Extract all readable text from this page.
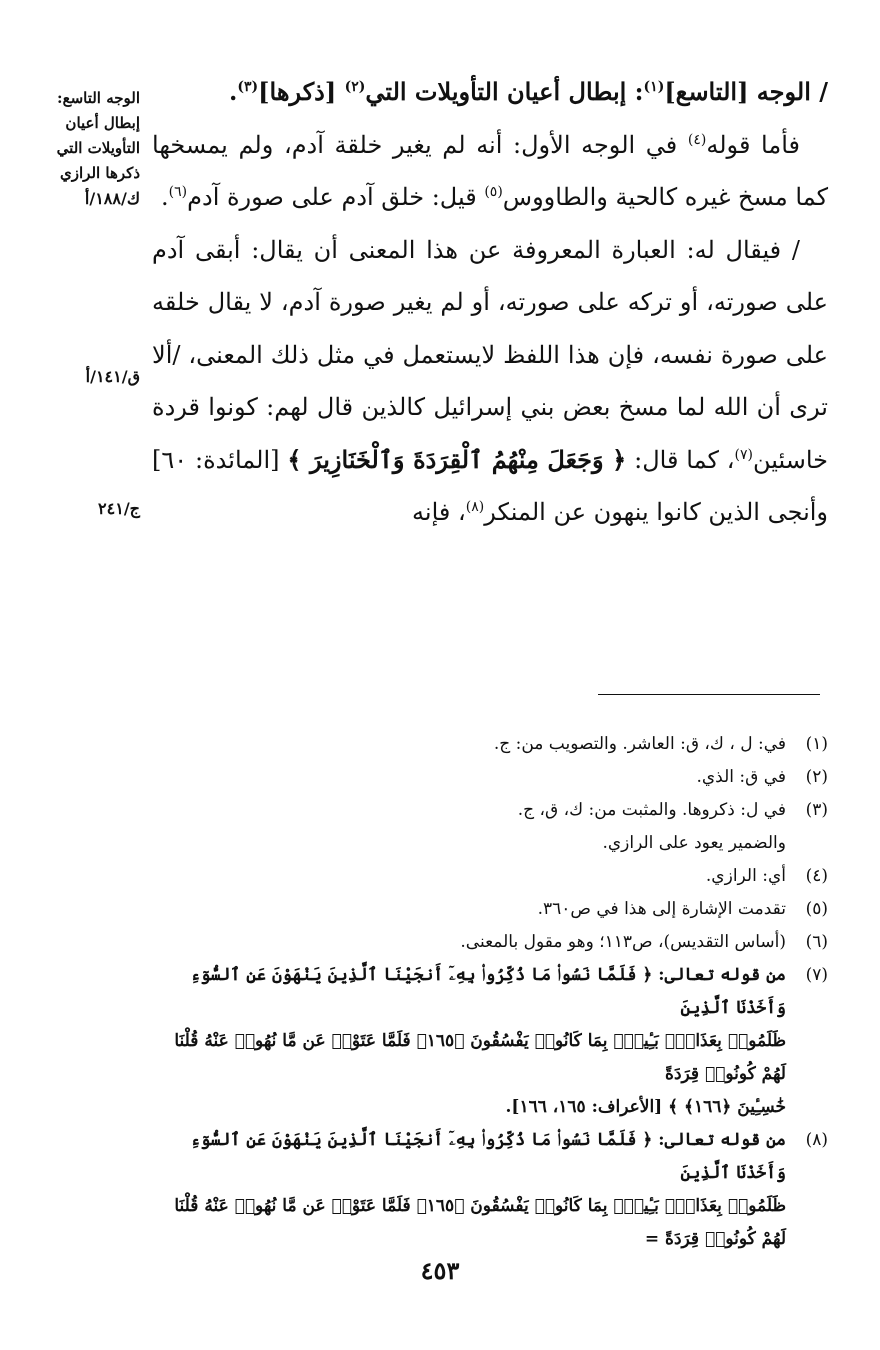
الوجه التاسع:
إبطال أعيان
التأويلات التي
ذكرها الرازي
ك/١٨٨/أ
ق/١٤١/أ
ج/٢٤١

/ الوجه [التاسع]$^{(١)}$: إبطال أعيان التأويلات التي$^{(٢)}$ [ذكرها]$^{(٣)}$.

فأما قوله$^{(٤)}$ في الوجه الأول: أنه لم يغير خلقة آدم، ولم يمسخها كما مسخ غيره كالحية والطاووس$^{(٥)}$ قيل: خلق آدم على صورة آدم$^{(٦)}$.

/ فيقال له: العبارة المعروفة عن هذا المعنى أن يقال: أبقى آدم على صورته، أو تركه على صورته، أو لم يغير صورة آدم، لا يقال خلقه على صورة نفسه، فإن هذا اللفظ لايستعمل في مثل ذلك المعنى، /ألا ترى أن الله لما مسخ بعض بني إسرائيل كالذين قال لهم: كونوا قردة خاسئين$^{(٧)}$، كما قال: ﴿ وَجَعَلَ مِنْهُمُ ٱلْقِرَدَةَ وَٱلْخَنَازِيرَ ﴾ [المائدة: ٦٠] وأنجى الذين كانوا ينهون عن المنكر$^{(٨)}$، فإنه

(١)
في: ل ، ك، ق: العاشر. والتصويب من: ج.
(٢)
في ق: الذي.
(٣)
في ل: ذكروها. والمثبت من: ك، ق، ج.
والضمير يعود على الرازي.
(٤)
أي: الرازي.
(٥)
تقدمت الإشارة إلى هذا في ص٣٦٠.
(٦)
(أساس التقديس)، ص١١٣؛ وهو مقول بالمعنى.
(٧)
من قوله تعالى: ﴿ فَلَمَّا نَسُوا۟ مَا ذُكِّرُوا۟ بِهِۦٓ أَنجَيْنَا ٱلَّذِينَ يَنْهَوْنَ عَنِ ٱلسُّوٓءِ وَأَخَذْنَا ٱلَّذِينَ
ظَلَمُوا۟ بِعَذَابٍۭ بَـِٔيسٍۭ بِمَا كَانُوا۟ يَفْسُقُونَ ﴿١٦٥﴾ فَلَمَّا عَتَوْا۟ عَن مَّا نُهُوا۟ عَنْهُ قُلْنَا لَهُمْ كُونُوا۟ قِرَدَةً
خَٰسِـِٔينَ ﴿١٦٦﴾ ﴾ [الأعراف: ١٦٥، ١٦٦].
(٨)
من قوله تعالى: ﴿ فَلَمَّا نَسُوا۟ مَا ذُكِّرُوا۟ بِهِۦٓ أَنجَيْنَا ٱلَّذِينَ يَنْهَوْنَ عَنِ ٱلسُّوٓءِ وَأَخَذْنَا ٱلَّذِينَ
ظَلَمُوا۟ بِعَذَابٍۭ بَـِٔيسٍۭ بِمَا كَانُوا۟ يَفْسُقُونَ ﴿١٦٥﴾ فَلَمَّا عَتَوْا۟ عَن مَّا نُهُوا۟ عَنْهُ قُلْنَا لَهُمْ كُونُوا۟ قِرَدَةً =
٤٥٣
